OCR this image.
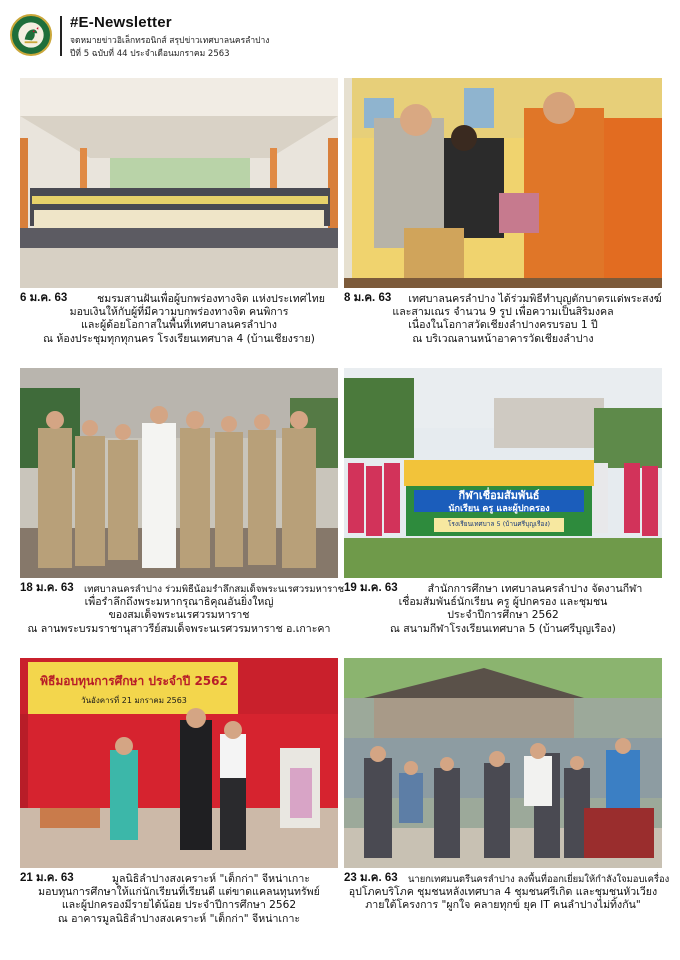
#E-Newsletter
จดหมายข่าวอิเล็กทรอนิกส์ สรุปข่าวเทศบาลนครลำปาง
ปีที่ 5 ฉบับที่ 44 ประจำเดือนมกราคม 2563
6 ม.ค. 63	ชมรมสานฝันเพื่อผู้บกพร่องทางจิต แห่งประเทศไทย
มอบเงินให้กับผู้ที่มีความบกพร่องทางจิต คนพิการ
และผู้ด้อยโอกาสในพื้นที่เทศบาลนครลำปาง
ณ ห้องประชุมทุกทุกนคร โรงเรียนเทศบาล 4 (บ้านเชียงราย)
8 ม.ค. 63	เทศบาลนครลำปาง ได้ร่วมพิธีทำบุญตักบาตรแด่พระสงฆ์
และสามเณร จำนวน 9 รูป เพื่อความเป็นสิริมงคล
เนื่องในโอกาสวัดเชียงลำปางครบรอบ 1 ปี
ณ บริเวณลานหน้าอาคารวัดเชียงลำปาง
กีฬาเชื่อมสัมพันธ์
นักเรียน ครู และผู้ปกครอง
โรงเรียนเทศบาล 5 (บ้านศรีบุญเรือง)
18 ม.ค. 63	เทศบาลนครลำปาง ร่วมพิธีน้อมรำลึกสมเด็จพระนเรศวรมหาราช
เพื่อรำลึกถึงพระมหากรุณาธิคุณอันยิ่งใหญ่
ของสมเด็จพระนเรศวรมหาราช
ณ ลานพระบรมราชานุสาวรีย์สมเด็จพระนเรศวรมหาราช อ.เกาะคา
19 ม.ค. 63	สำนักการศึกษา เทศบาลนครลำปาง จัดงานกีฬา
เชื่อมสัมพันธ์นักเรียน ครู ผู้ปกครอง และชุมชน
ประจำปีการศึกษา 2562
ณ สนามกีฬาโรงเรียนเทศบาล 5 (บ้านศรีบุญเรือง)
พิธีมอบทุนการศึกษา ประจำปี 2562
วันอังคารที่ 21 มกราคม 2563
21 ม.ค. 63	มูลนิธิลำปางสงเคราะห์ "เต็กก่า" จีหน่าเกาะ
มอบทุนการศึกษาให้แก่นักเรียนที่เรียนดี แต่ขาดแคลนทุนทรัพย์
และผู้ปกครองมีรายได้น้อย ประจำปีการศึกษา 2562
ณ อาคารมูลนิธิลำปางสงเคราะห์ "เต็กก่า" จีหน่าเกาะ
23 ม.ค. 63	นายกเทศมนตรีนครลำปาง ลงพื้นที่ออกเยี่ยมให้กำลังใจมอบเครื่อง
อุปโภคบริโภค ชุมชนหลังเทศบาล 4 ชุมชนศรีเกิด และชุมชนหัวเวียง
ภายใต้โครงการ "ผูกใจ คลายทุกข์ ยุค IT คนลำปางไม่ทิ้งกัน"
